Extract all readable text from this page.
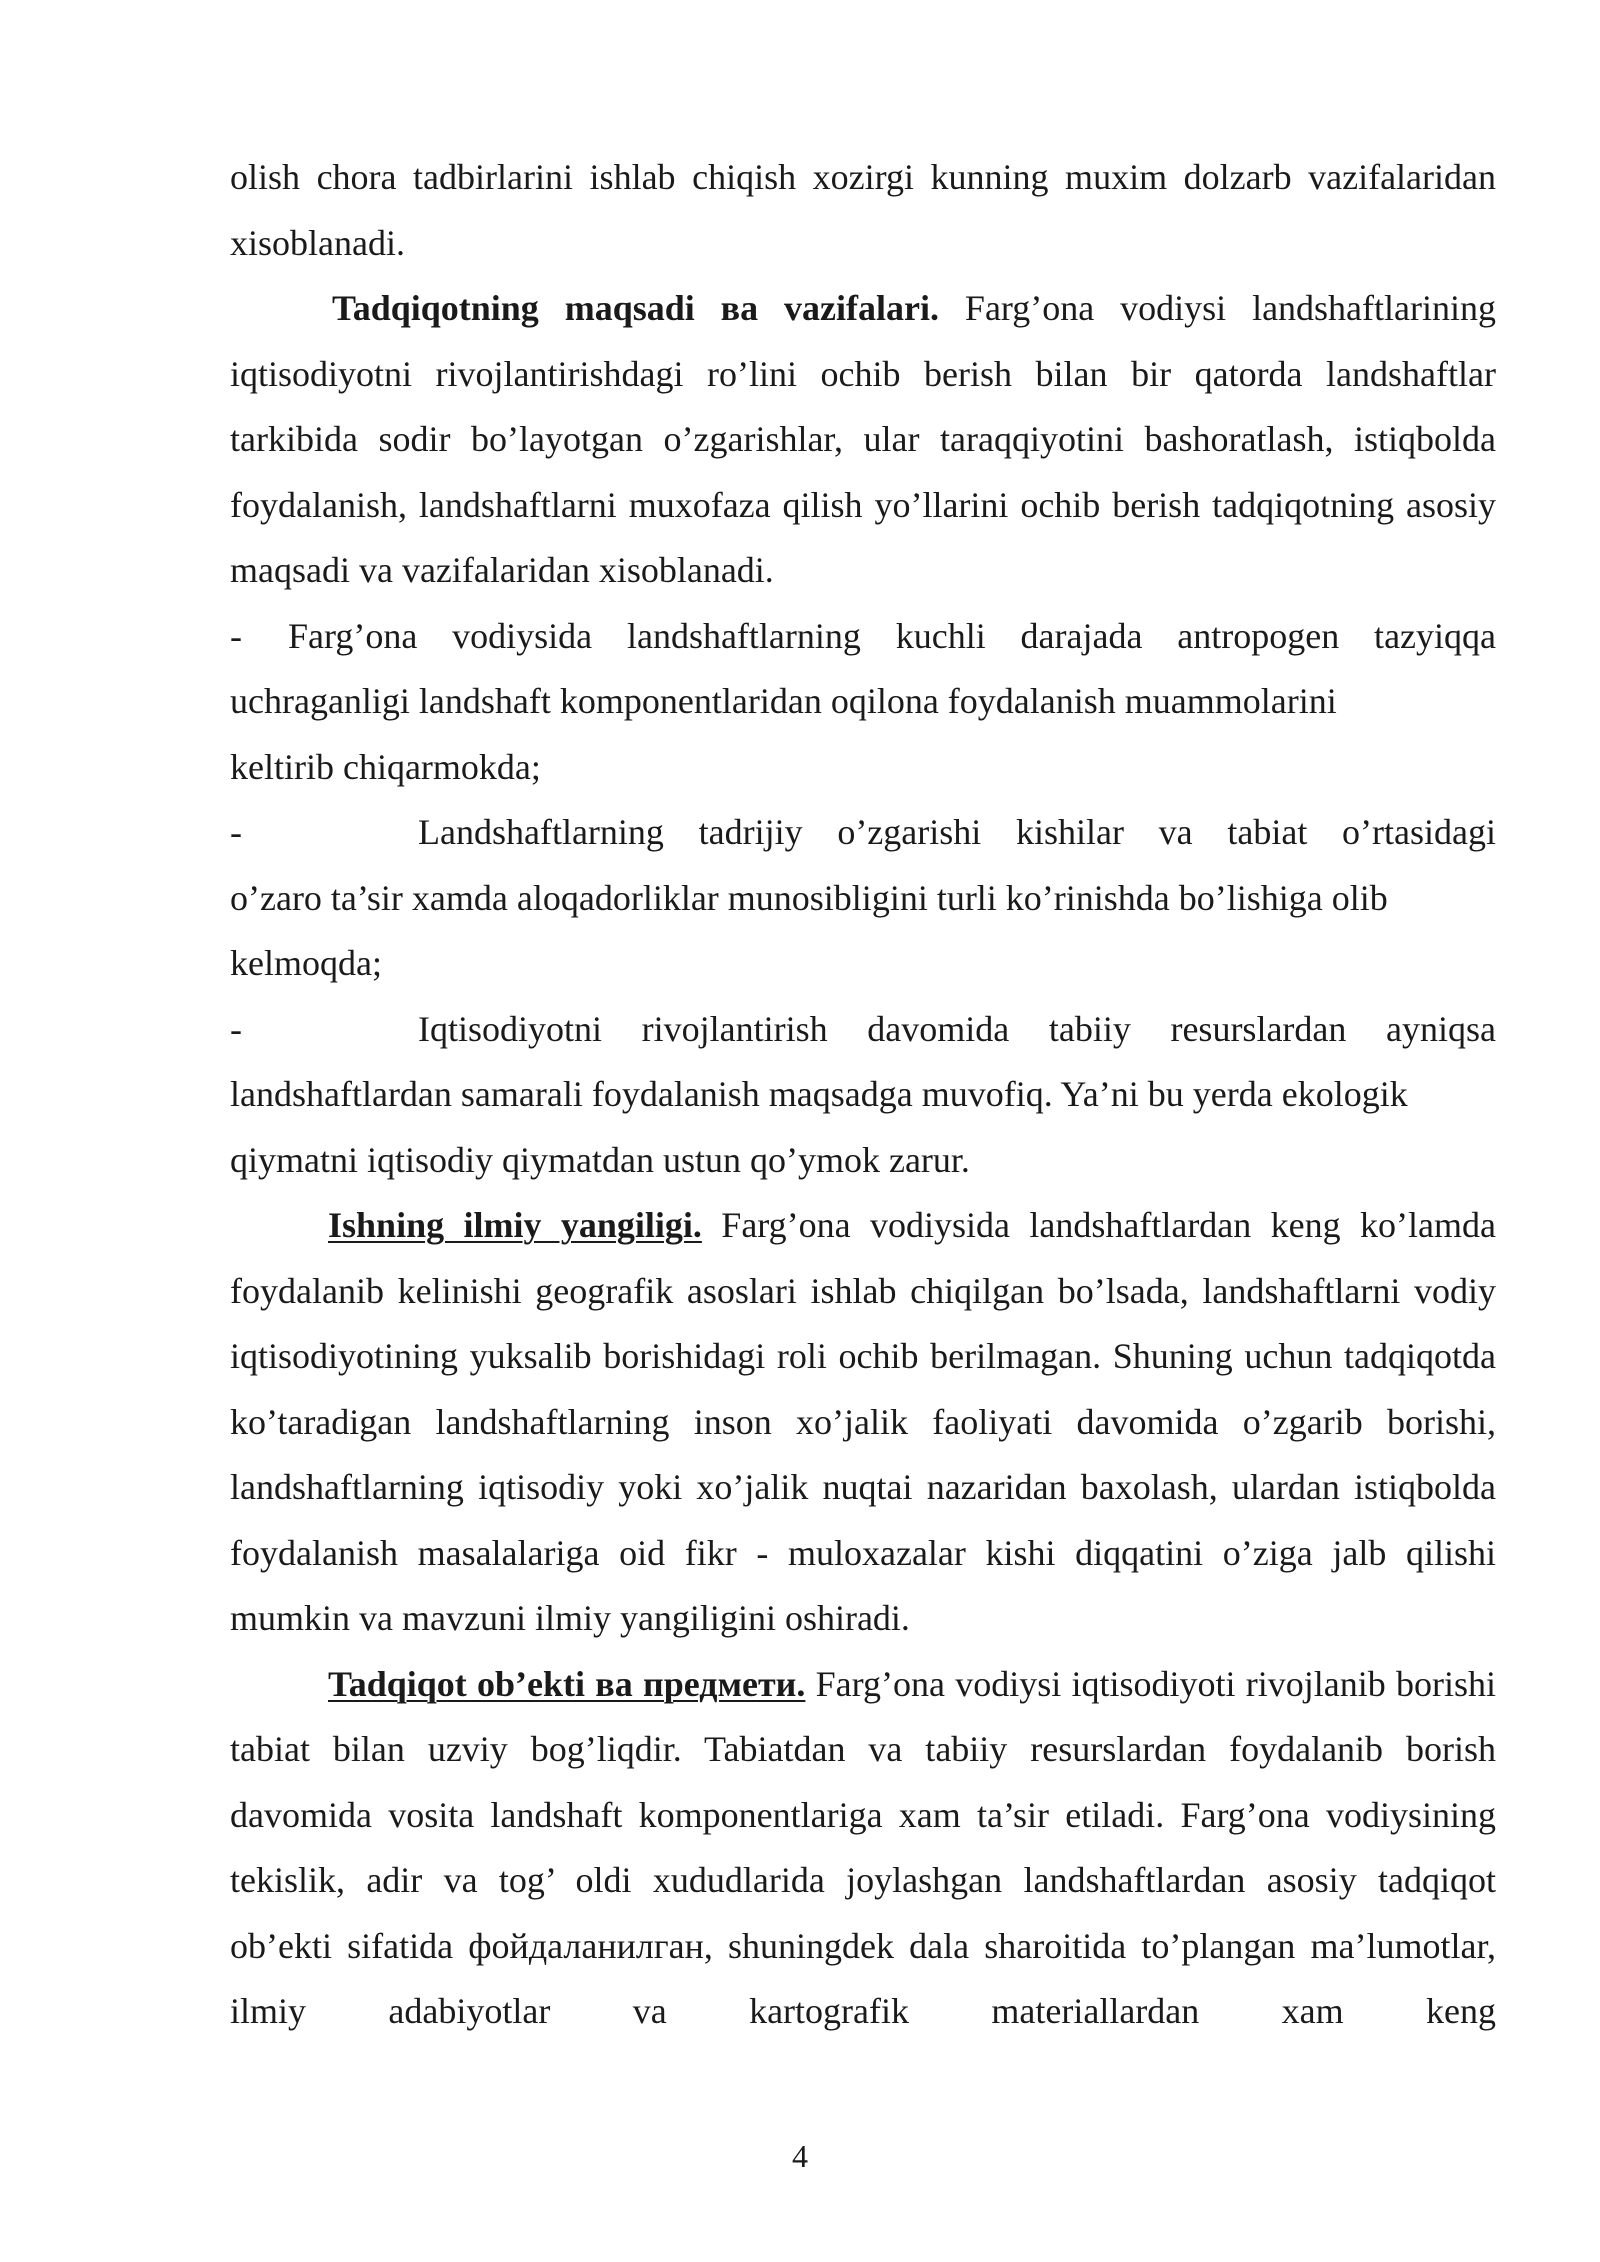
olish chora tadbirlarini ishlab chiqish xozirgi kunning muxim dolzarb vazifalaridan xisoblanadi.

Tadqiqotning maqsadi ва vazifalari. Farg’ona vodiysi landshaftlarining iqtisodiyotni rivojlantirishdagi ro’lini ochib berish bilan bir qatorda landshaftlar tarkibida sodir bo’layotgan o’zgarishlar, ular taraqqiyotini bashoratlash, istiqbolda foydalanish, landshaftlarni muxofaza qilish yo’llarini ochib berish tadqiqotning asosiy maqsadi va vazifalaridan xisoblanadi.

-	Farg’ona vodiysida landshaftlarning kuchli darajada antropogen tazyiqqa

uchraganligi landshaft komponentlaridan oqilona foydalanish muammolarini

keltirib chiqarmokda;

-	Landshaftlarning tadrijiy o’zgarishi kishilar va tabiat o’rtasidagi

o’zaro ta’sir xamda aloqadorliklar munosibligini turli ko’rinishda bo’lishiga olib

kelmoqda;

-	Iqtisodiyotni rivojlantirish davomida tabiiy resurslardan ayniqsa

landshaftlardan samarali foydalanish maqsadga muvofiq. Ya’ni bu yerda ekologik

qiymatni iqtisodiy qiymatdan ustun qo’ymok zarur.

Ishning ilmiy yangiligi. Farg’ona vodiysida landshaftlardan keng ko’lamda foydalanib kelinishi geografik asoslari ishlab chiqilgan bo’lsada, landshaftlarni vodiy iqtisodiyotining yuksalib borishidagi roli ochib berilmagan. Shuning uchun tadqiqotda ko’taradigan landshaftlarning inson xo’jalik faoliyati davomida o’zgarib borishi, landshaftlarning iqtisodiy yoki xo’jalik nuqtai nazaridan baxolash, ulardan istiqbolda foydalanish masalalariga oid fikr - muloxazalar kishi diqqatini o’ziga jalb qilishi mumkin va mavzuni ilmiy yangiligini oshiradi.

Tadqiqot ob’ekti ва предмети. Farg’ona vodiysi iqtisodiyoti rivojlanib borishi tabiat bilan uzviy bog’liqdir. Tabiatdan va tabiiy resurslardan foydalanib borish davomida vosita landshaft komponentlariga xam ta’sir etiladi. Farg’ona vodiysining tekislik, adir va tog’ oldi xududlarida joylashgan landshaftlardan asosiy tadqiqot ob’ekti sifatida фойдаланилган, shuningdek dala sharoitida to’plangan ma’lumotlar, ilmiy adabiyotlar va kartografik materiallardan xam keng

4
